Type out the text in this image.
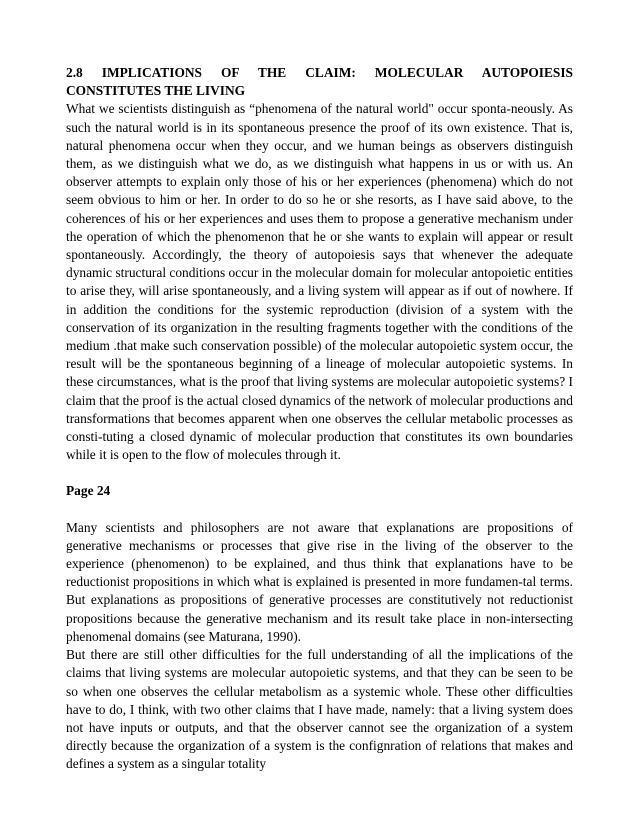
2.8 IMPLICATIONS OF THE CLAIM: MOLECULAR AUTOPOIESIS CONSTITUTES THE LIVING

What we scientists distinguish as “phenomena of the natural world" occur sponta-neously. As such the natural world is in its spontaneous presence the proof of its own existence. That is, natural phenomena occur when they occur, and we human beings as observers distinguish them, as we distinguish what we do, as we distinguish what happens in us or with us. An observer attempts to explain only those of his or her experiences (phenomena) which do not seem obvious to him or her. In order to do so he or she resorts, as I have said above, to the coherences of his or her experiences and uses them to propose a generative mechanism under the operation of which the phenomenon that he or she wants to explain will appear or result spontaneously. Accordingly, the theory of autopoiesis says that whenever the adequate dynamic structural conditions occur in the molecular domain for molecular antopoietic entities to arise they, will arise spontaneously, and a living system will appear as if out of nowhere. If in addition the conditions for the systemic reproduction (division of a system with the conservation of its organization in the resulting fragments together with the conditions of the medium .that make such conservation possible) of the molecular autopoietic system occur, the result will be the spontaneous beginning of a lineage of molecular autopoietic systems. In these circumstances, what is the proof that living systems are molecular autopoietic systems? I claim that the proof is the actual closed dynamics of the network of molecular productions and transformations that becomes apparent when one observes the cellular metabolic processes as consti-tuting a closed dynamic of molecular production that constitutes its own boundaries while it is open to the flow of molecules through it.

Page 24

Many scientists and philosophers are not aware that explanations are propositions of generative mechanisms or processes that give rise in the living of the observer to the experience (phenomenon) to be explained, and thus think that explanations have to be reductionist propositions in which what is explained is presented in more fundamen-tal terms. But explanations as propositions of generative processes are constitutively not reductionist propositions because the generative mechanism and its result take place in non-intersecting phenomenal domains (see Maturana, 1990).

But there are still other difficulties for the full understanding of all the implications of the claims that living systems are molecular autopoietic systems, and that they can be seen to be so when one observes the cellular metabolism as a systemic whole. These other difficulties have to do, I think, with two other claims that I have made, namely: that a living system does not have inputs or outputs, and that the observer cannot see the organization of a system directly because the organization of a system is the confignration of relations that makes and defines a system as a singular totality
